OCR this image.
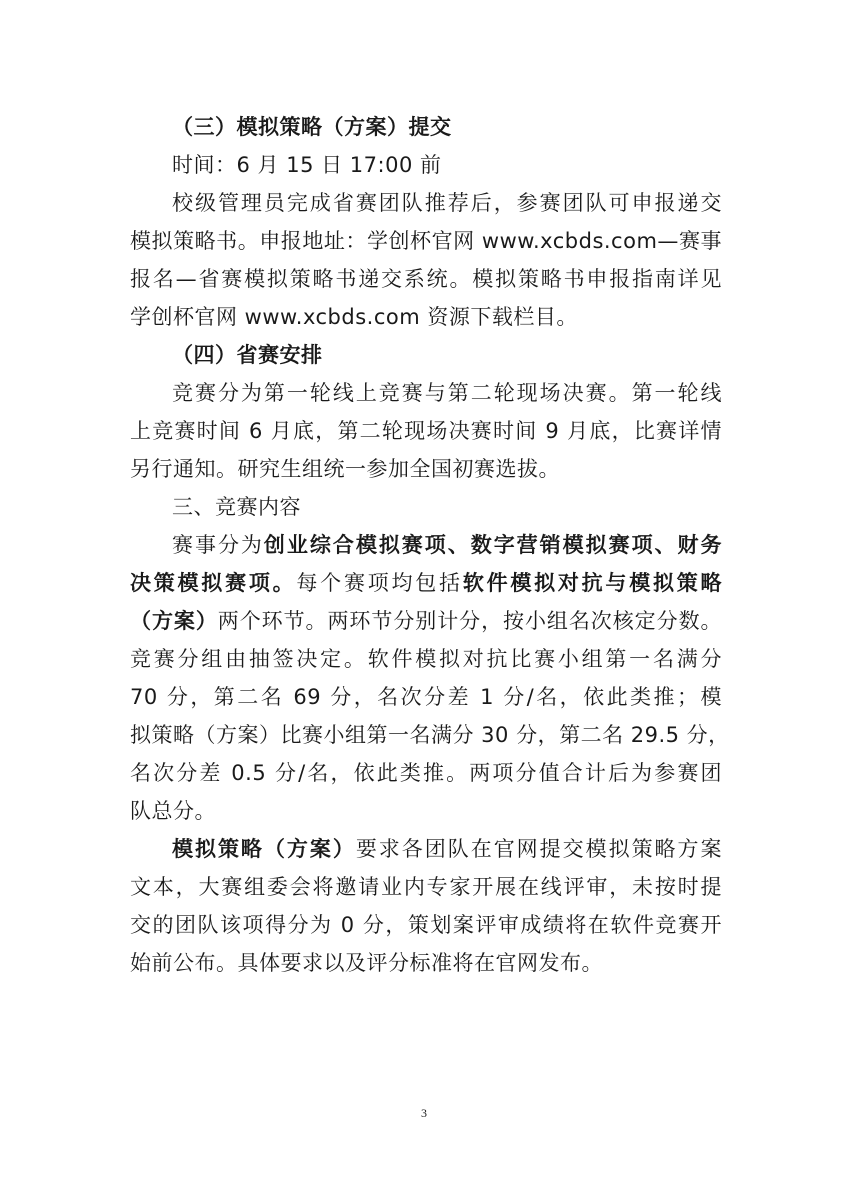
（三）模拟策略（方案）提交
时间：6 月 15 日 17:00 前
校级管理员完成省赛团队推荐后，参赛团队可申报递交
模拟策略书。申报地址：学创杯官网 www.xcbds.com—赛事
报名—省赛模拟策略书递交系统。模拟策略书申报指南详见
学创杯官网 www.xcbds.com 资源下载栏目。
（四）省赛安排
竞赛分为第一轮线上竞赛与第二轮现场决赛。第一轮线
上竞赛时间 6 月底，第二轮现场决赛时间 9 月底，比赛详情
另行通知。研究生组统一参加全国初赛选拔。
三、竞赛内容
赛事分为创业综合模拟赛项、数字营销模拟赛项、财务
决策模拟赛项。每个赛项均包括软件模拟对抗与模拟策略
（方案）两个环节。两环节分别计分，按小组名次核定分数。
竞赛分组由抽签决定。软件模拟对抗比赛小组第一名满分
70 分，第二名 69 分，名次分差 1 分/名，依此类推；模
拟策略（方案）比赛小组第一名满分 30 分，第二名 29.5 分，
名次分差 0.5 分/名，依此类推。两项分值合计后为参赛团
队总分。
模拟策略（方案）要求各团队在官网提交模拟策略方案
文本，大赛组委会将邀请业内专家开展在线评审，未按时提
交的团队该项得分为 0 分，策划案评审成绩将在软件竞赛开
始前公布。具体要求以及评分标准将在官网发布。
3
